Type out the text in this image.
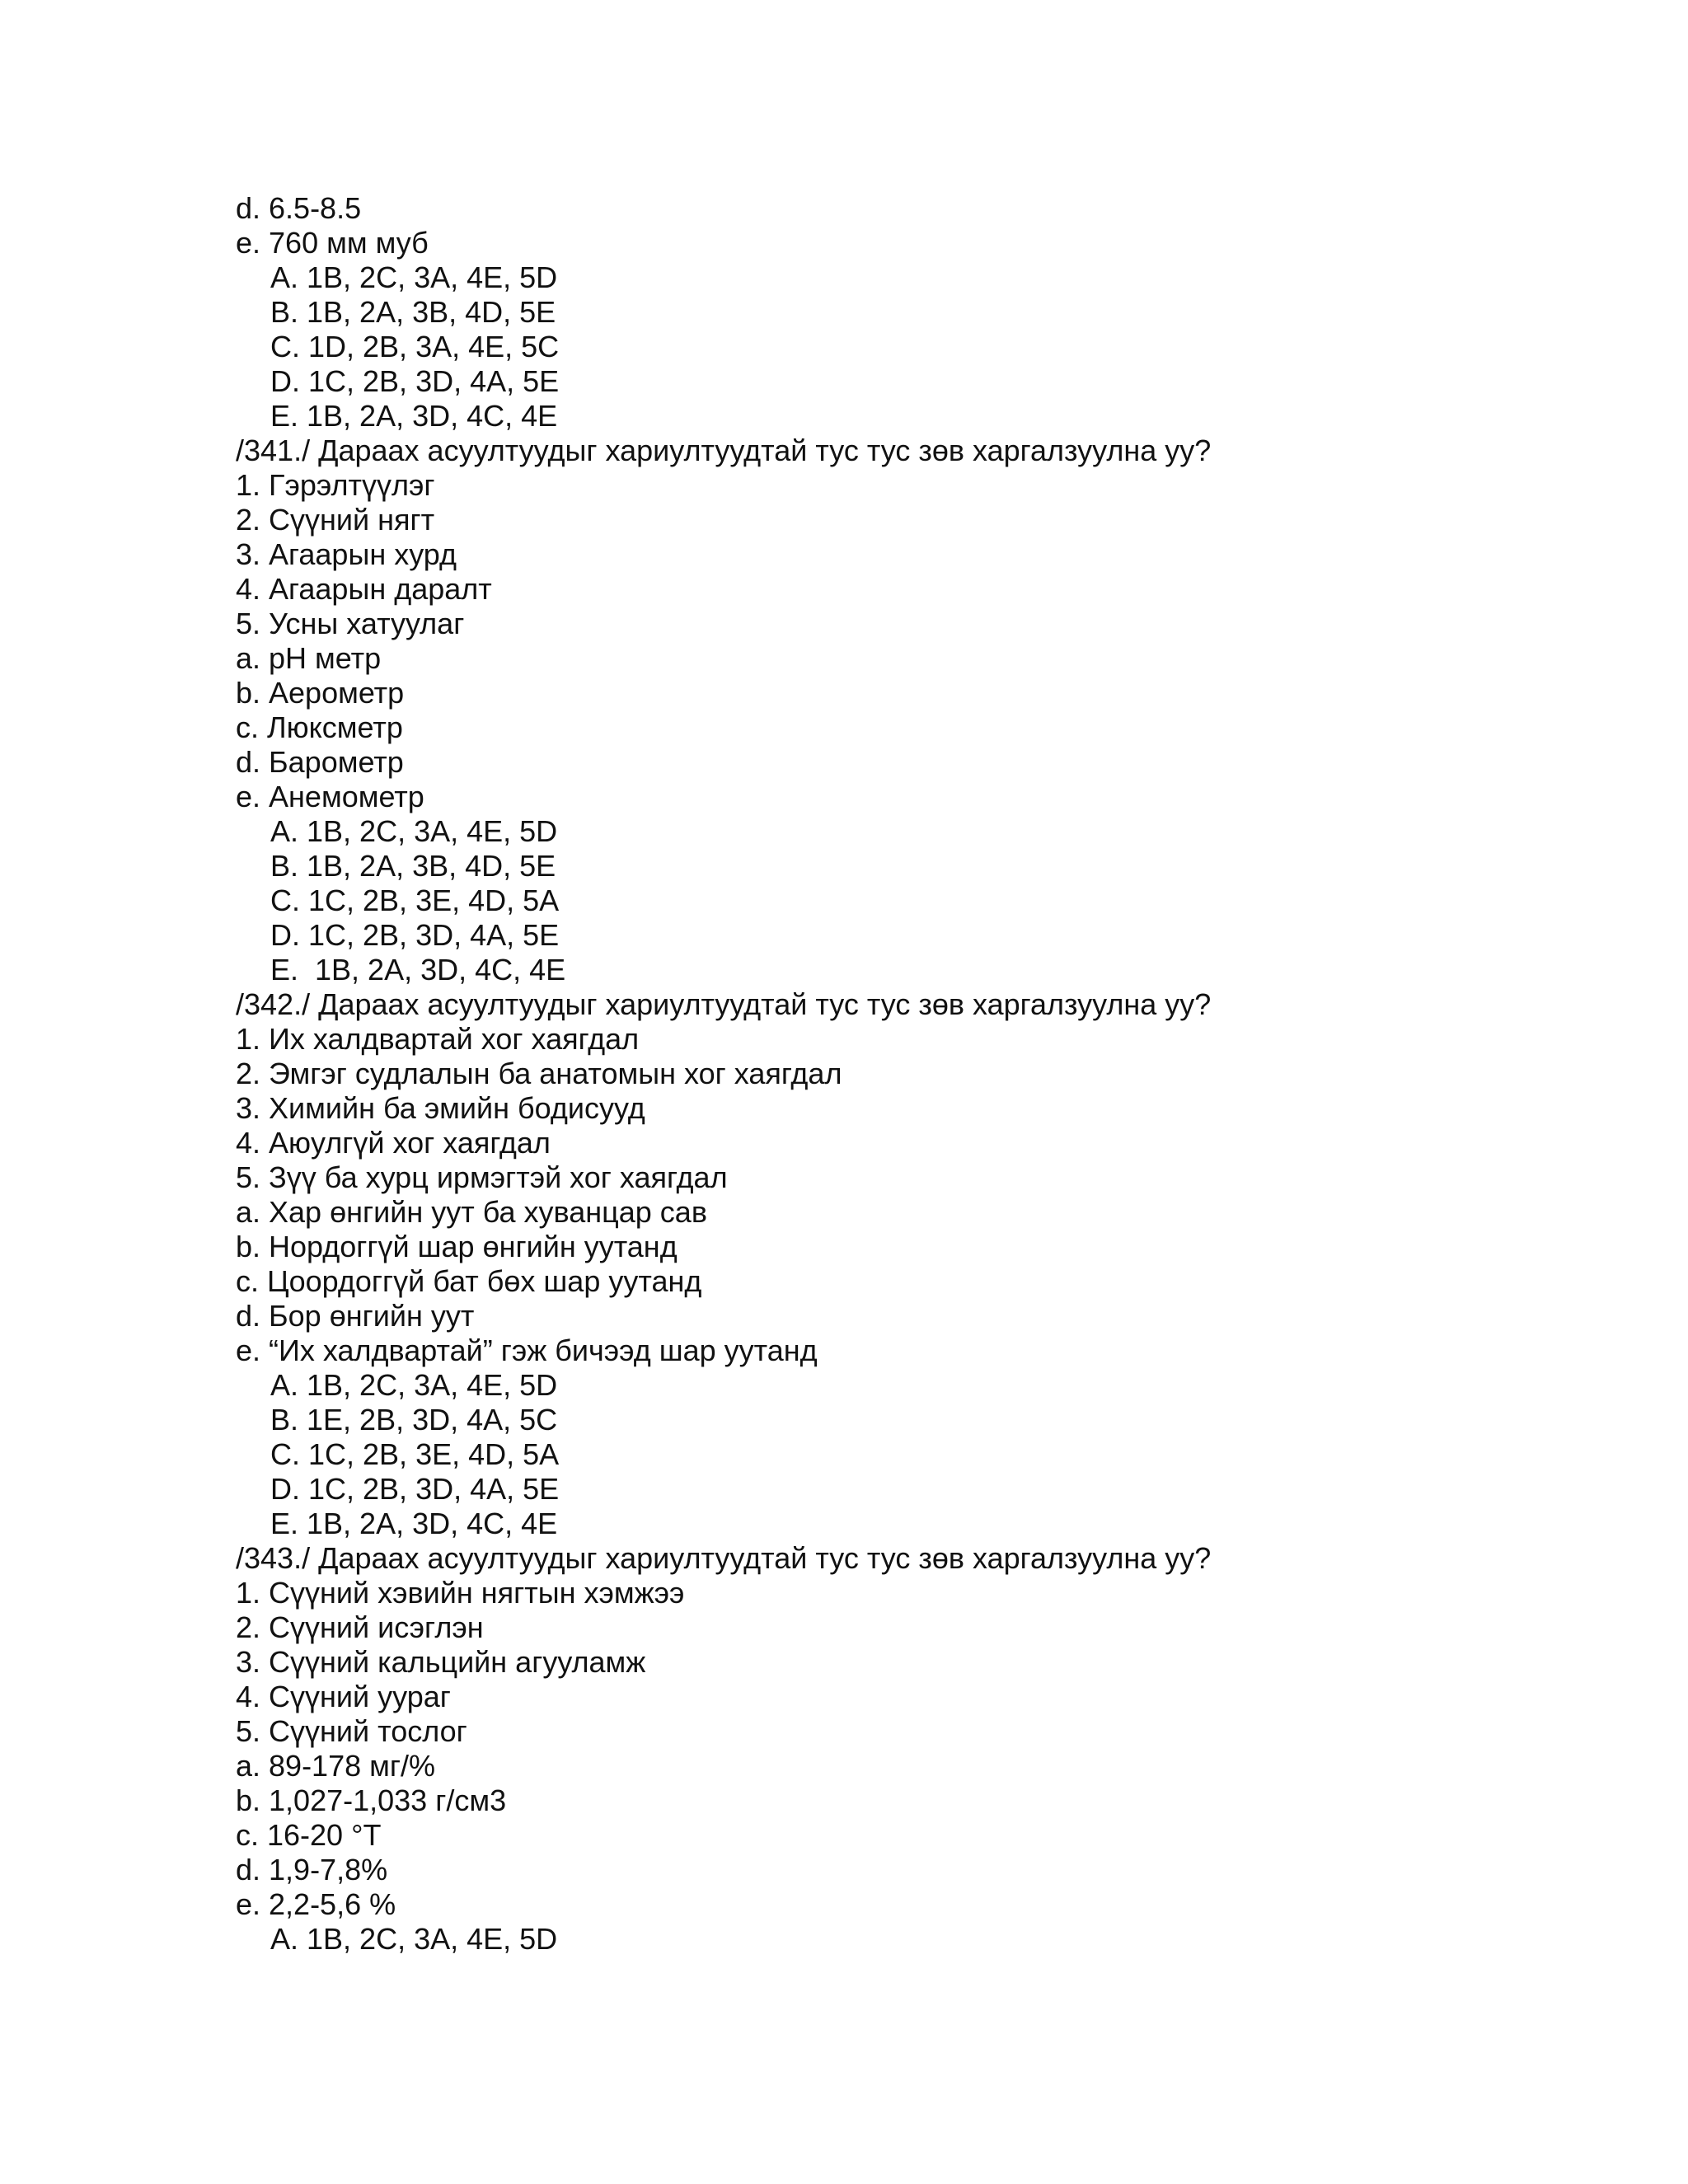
d. 6.5-8.5
e. 760 мм муб
A. 1B, 2C, 3A, 4E, 5D
B. 1B, 2A, 3B, 4D, 5E
C. 1D, 2B, 3A, 4E, 5C
D. 1C, 2B, 3D, 4A, 5E
E. 1B, 2A, 3D, 4C, 4E
/341./ Дараах асуултуудыг хариултуудтай тус тус зөв харгалзуулна уу?
1. Гэрэлтүүлэг
2. Сүүний нягт
3. Агаарын хурд
4. Агаарын даралт
5. Усны хатуулаг
a. pH метр
b. Аерометр
c. Люксметр
d. Барометр
e. Анемометр
A. 1B, 2C, 3A, 4E, 5D
B. 1B, 2A, 3B, 4D, 5E
C. 1C, 2B, 3E, 4D, 5A
D. 1C, 2B, 3D, 4A, 5E
E.  1B, 2A, 3D, 4C, 4E
/342./ Дараах асуултуудыг хариултуудтай тус тус зөв харгалзуулна уу?
1. Их халдвартай хог хаягдал
2. Эмгэг судлалын ба анатомын хог хаягдал
3. Химийн ба эмийн бодисууд
4. Аюулгүй хог хаягдал
5. Зүү ба хурц ирмэгтэй хог хаягдал
a. Хар өнгийн уут ба хуванцар сав
b. Нордоггүй шар өнгийн уутанд
c. Цоордоггүй бат бөх шар уутанд
d. Бор өнгийн уут
e. “Их халдвартай” гэж бичээд шар уутанд
A. 1B, 2C, 3A, 4E, 5D
B. 1E, 2B, 3D, 4A, 5C
C. 1C, 2B, 3E, 4D, 5A
D. 1C, 2B, 3D, 4A, 5E
E. 1B, 2A, 3D, 4C, 4E
/343./ Дараах асуултуудыг хариултуудтай тус тус зөв харгалзуулна уу?
1. Сүүний хэвийн нягтын хэмжээ
2. Сүүний исэглэн
3. Сүүний кальцийн агууламж
4. Сүүний уураг
5. Сүүний тослог
a. 89-178 мг/%
b. 1,027-1,033 г/см3
c. 16-20 °T
d. 1,9-7,8%
e. 2,2-5,6 %
A. 1B, 2C, 3A, 4E, 5D
